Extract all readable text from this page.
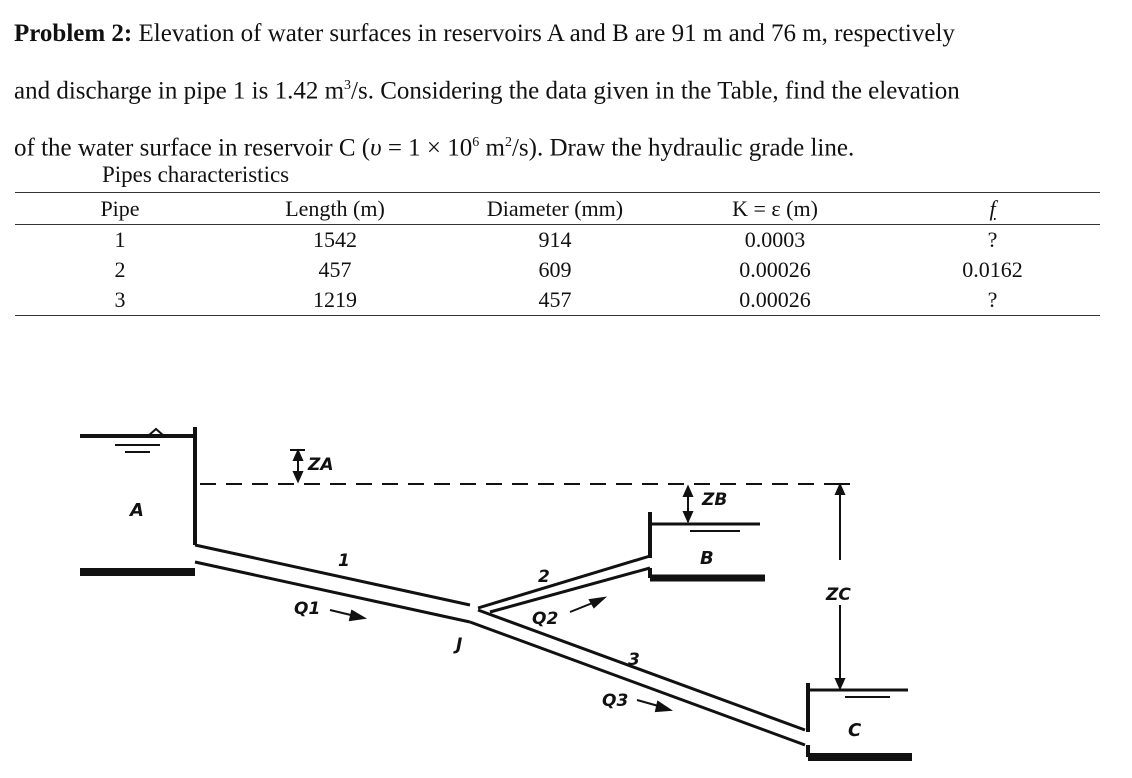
Problem 2: Elevation of water surfaces in reservoirs A and B are 91 m and 76 m, respectively
and discharge in pipe 1 is 1.42 $m^3/s$. Considering the data given in the Table, find the elevation
of the water surface in reservoir C ($\upsilon = 1 \times 10^6$ $m^2/s$). Draw the hydraulic grade line.

Pipes characteristics
Pipe	Length (m)	Diameter (mm)	K = ε (m)	f
1	1542	914	0.0003	?
2	457	609	0.00026	0.0162
3	1219	457	0.00026	?
A
B
C
ZA
ZB
ZC
1
2
3
Q1	Q2
Q3
J
